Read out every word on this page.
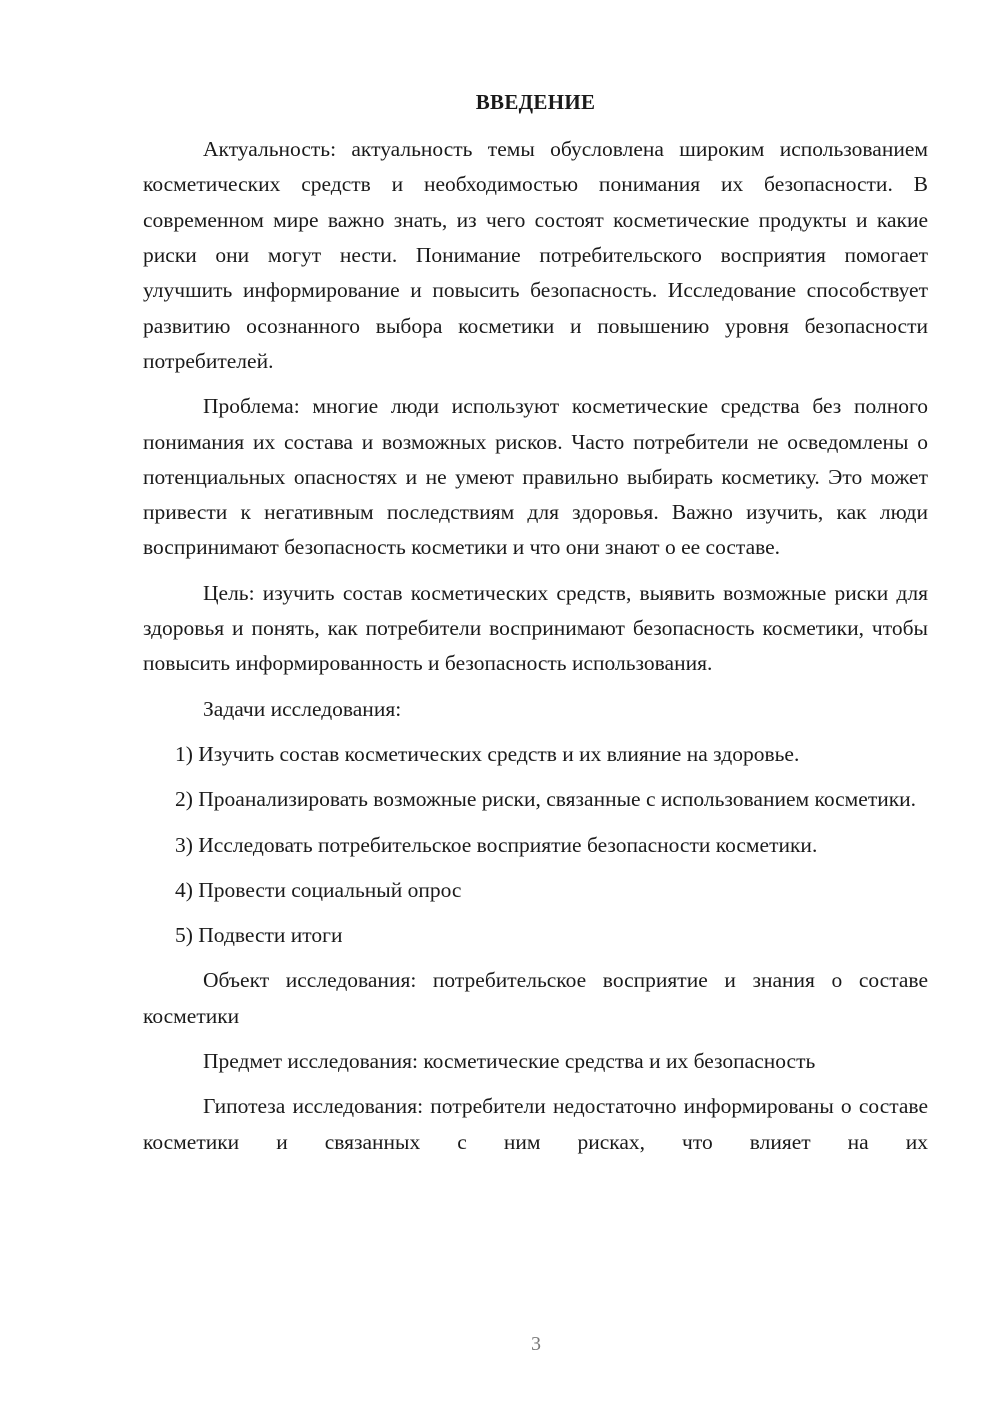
ВВЕДЕНИЕ

Актуальность: актуальность темы обусловлена широким использованием косметических средств и необходимостью понимания их безопасности. В современном мире важно знать, из чего состоят косметические продукты и какие риски они могут нести. Понимание потребительского восприятия помогает улучшить информирование и повысить безопасность. Исследование способствует развитию осознанного выбора косметики и повышению уровня безопасности потребителей.

Проблема: многие люди используют косметические средства без полного понимания их состава и возможных рисков. Часто потребители не осведомлены о потенциальных опасностях и не умеют правильно выбирать косметику. Это может привести к негативным последствиям для здоровья. Важно изучить, как люди воспринимают безопасность косметики и что они знают о ее составе.

Цель: изучить состав косметических средств, выявить возможные риски для здоровья и понять, как потребители воспринимают безопасность косметики, чтобы повысить информированность и безопасность использования.

Задачи исследования:
1) Изучить состав косметических средств и их влияние на здоровье.
2) Проанализировать возможные риски, связанные с использованием косметики.
3) Исследовать потребительское восприятие безопасности косметики.
4) Провести социальный опрос
5) Подвести итоги

Объект исследования: потребительское восприятие и знания о составе косметики

Предмет исследования: косметические средства и их безопасность

Гипотеза исследования: потребители недостаточно информированы о составе косметики и связанных с ним рисках, что влияет на их

3
